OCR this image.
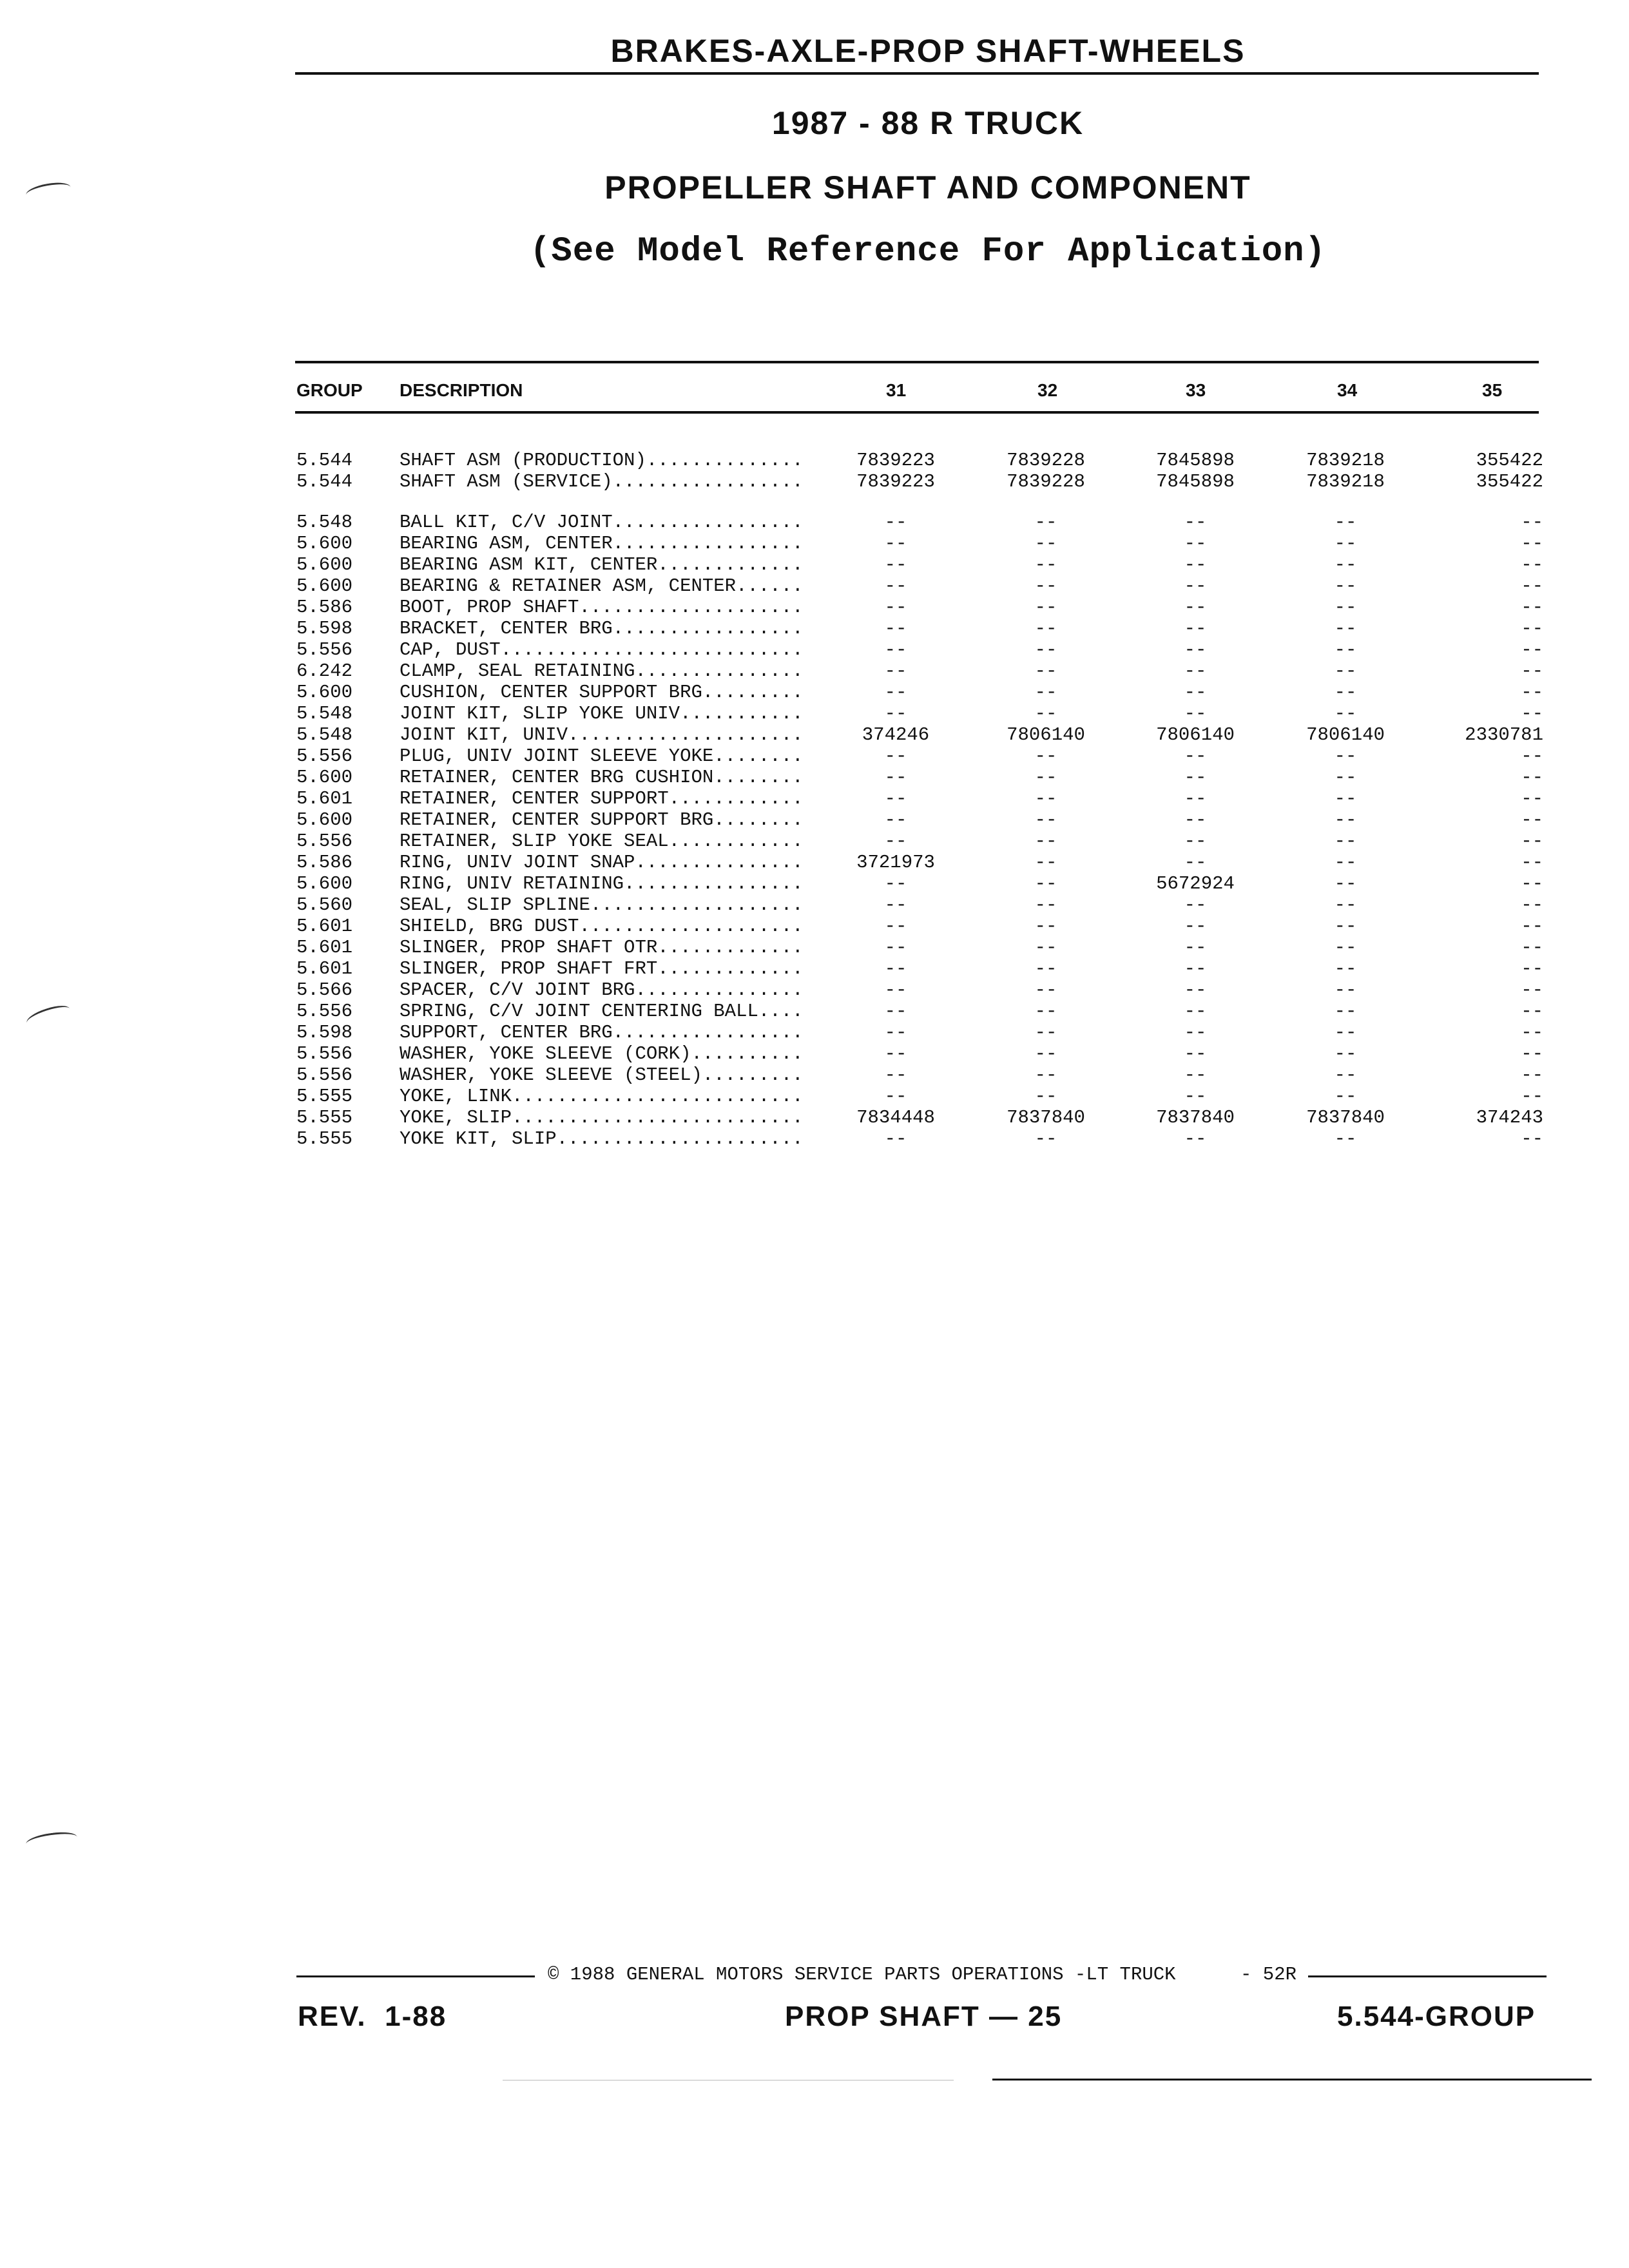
BRAKES-AXLE-PROP SHAFT-WHEELS
1987 - 88 R TRUCK
PROPELLER SHAFT AND COMPONENT
(See Model Reference For Application)
GROUP DESCRIPTION	31	32	33	34	35
5.544	SHAFT ASM (PRODUCTION)..............	7839223	7839228	7845898	7839218	355422
5.544	SHAFT ASM (SERVICE).................	7839223	7839228	7845898	7839218	355422
5.548	BALL KIT, C/V JOINT.................	--	--	--	--	--
5.600	BEARING ASM, CENTER.................	--	--	--	--	--
5.600	BEARING ASM KIT, CENTER.............	--	--	--	--	--
5.600	BEARING & RETAINER ASM, CENTER......	--	--	--	--	--
5.586	BOOT, PROP SHAFT....................	--	--	--	--	--
5.598	BRACKET, CENTER BRG.................	--	--	--	--	--
5.556	CAP, DUST...........................	--	--	--	--	--
6.242	CLAMP, SEAL RETAINING...............	--	--	--	--	--
5.600	CUSHION, CENTER SUPPORT BRG.........	--	--	--	--	--
5.548	JOINT KIT, SLIP YOKE UNIV...........	--	--	--	--	--
5.548	JOINT KIT, UNIV.....................	374246	7806140	7806140	7806140	2330781
5.556	PLUG, UNIV JOINT SLEEVE YOKE........	--	--	--	--	--
5.600	RETAINER, CENTER BRG CUSHION........	--	--	--	--	--
5.601	RETAINER, CENTER SUPPORT............	--	--	--	--	--
5.600	RETAINER, CENTER SUPPORT BRG........	--	--	--	--	--
5.556	RETAINER, SLIP YOKE SEAL............	--	--	--	--	--
5.586	RING, UNIV JOINT SNAP...............	3721973	--	--	--	--
5.600	RING, UNIV RETAINING................	--	--	5672924	--	--
5.560	SEAL, SLIP SPLINE...................	--	--	--	--	--
5.601	SHIELD, BRG DUST....................	--	--	--	--	--
5.601	SLINGER, PROP SHAFT OTR.............	--	--	--	--	--
5.601	SLINGER, PROP SHAFT FRT.............	--	--	--	--	--
5.566	SPACER, C/V JOINT BRG...............	--	--	--	--	--
5.556	SPRING, C/V JOINT CENTERING BALL....	--	--	--	--	--
5.598	SUPPORT, CENTER BRG.................	--	--	--	--	--
5.556	WASHER, YOKE SLEEVE (CORK)..........	--	--	--	--	--
5.556	WASHER, YOKE SLEEVE (STEEL).........	--	--	--	--	--
5.555	YOKE, LINK..........................	--	--	--	--	--
5.555	YOKE, SLIP..........................	7834448	7837840	7837840	7837840	374243
5.555	YOKE KIT, SLIP......................	--	--	--	--	--
© 1988 GENERAL MOTORS SERVICE PARTS OPERATIONS -LT TRUCK	- 52R
REV.  1-88	PROP SHAFT — 25	5.544-GROUP
